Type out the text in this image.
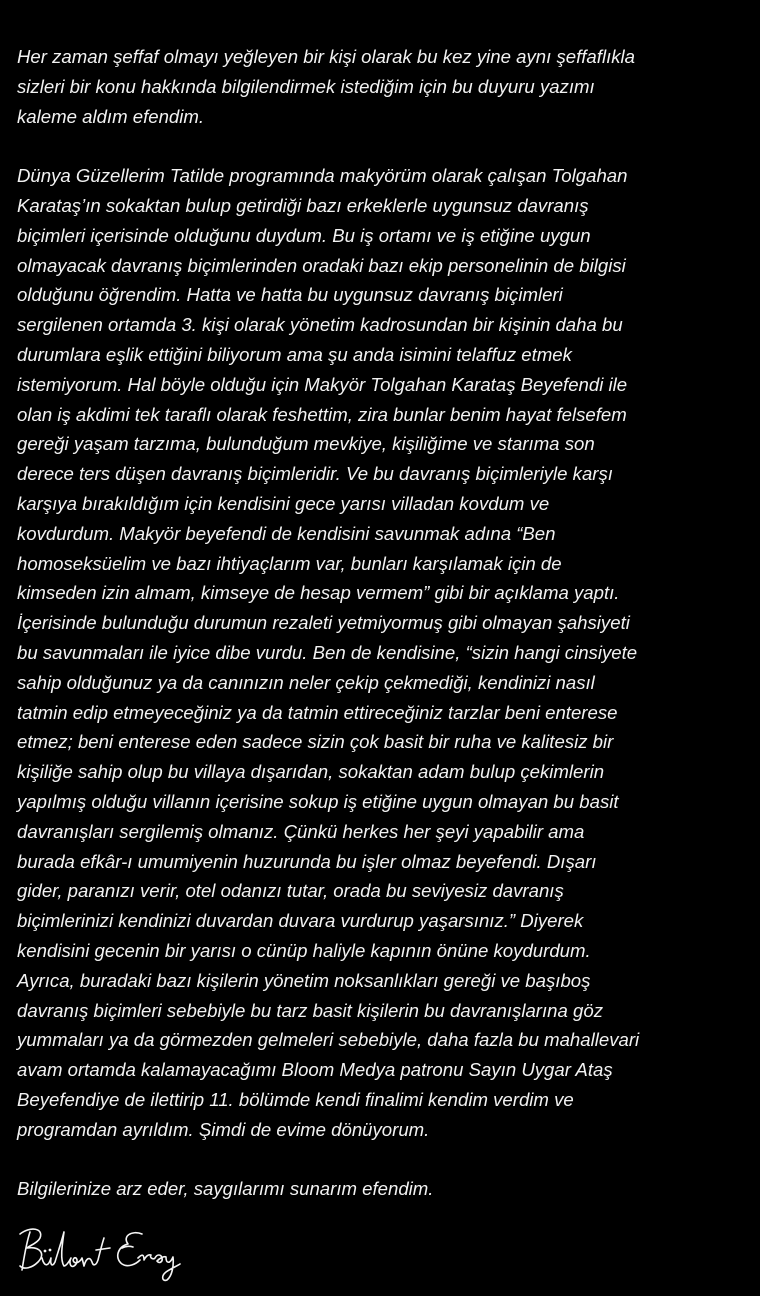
Her zaman şeffaf olmayı yeğleyen bir kişi olarak bu kez yine aynı şeffaflıkla
sizleri bir konu hakkında bilgilendirmek istediğim için bu duyuru yazımı
kaleme aldım efendim.

Dünya Güzellerim Tatilde programında makyörüm olarak çalışan Tolgahan
Karataş’ın sokaktan bulup getirdiği bazı erkeklerle uygunsuz davranış
biçimleri içerisinde olduğunu duydum. Bu iş ortamı ve iş etiğine uygun
olmayacak davranış biçimlerinden oradaki bazı ekip personelinin de bilgisi
olduğunu öğrendim. Hatta ve hatta bu uygunsuz davranış biçimleri
sergilenen ortamda 3. kişi olarak yönetim kadrosundan bir kişinin daha bu
durumlara eşlik ettiğini biliyorum ama şu anda isimini telaffuz etmek
istemiyorum. Hal böyle olduğu için Makyör Tolgahan Karataş Beyefendi ile
olan iş akdimi tek taraflı olarak feshettim, zira bunlar benim hayat felsefem
gereği yaşam tarzıma, bulunduğum mevkiye, kişiliğime ve starıma son
derece ters düşen davranış biçimleridir. Ve bu davranış biçimleriyle karşı
karşıya bırakıldığım için kendisini gece yarısı villadan kovdum ve
kovdurdum. Makyör beyefendi de kendisini savunmak adına “Ben
homoseksüelim ve bazı ihtiyaçlarım var, bunları karşılamak için de
kimseden izin almam, kimseye de hesap vermem” gibi bir açıklama yaptı.
İçerisinde bulunduğu durumun rezaleti yetmiyormuş gibi olmayan şahsiyeti
bu savunmaları ile iyice dibe vurdu. Ben de kendisine, “sizin hangi cinsiyete
sahip olduğunuz ya da canınızın neler çekip çekmediği, kendinizi nasıl
tatmin edip etmeyeceğiniz ya da tatmin ettireceğiniz tarzlar beni enterese
etmez; beni enterese eden sadece sizin çok basit bir ruha ve kalitesiz bir
kişiliğe sahip olup bu villaya dışarıdan, sokaktan adam bulup çekimlerin
yapılmış olduğu villanın içerisine sokup iş etiğine uygun olmayan bu basit
davranışları sergilemiş olmanız. Çünkü herkes her şeyi yapabilir ama
burada efkâr-ı umumiyenin huzurunda bu işler olmaz beyefendi. Dışarı
gider, paranızı verir, otel odanızı tutar, orada bu seviyesiz davranış
biçimlerinizi kendinizi duvardan duvara vurdurup yaşarsınız.” Diyerek
kendisini gecenin bir yarısı o cünüp haliyle kapının önüne koydurdum.
Ayrıca, buradaki bazı kişilerin yönetim noksanlıkları gereği ve başıboş
davranış biçimleri sebebiyle bu tarz basit kişilerin bu davranışlarına göz
yummaları ya da görmezden gelmeleri sebebiyle, daha fazla bu mahallevari
avam ortamda kalamayacağımı Bloom Medya patronu Sayın Uygar Ataş
Beyefendiye de ilettirip 11. bölümde kendi finalimi kendim verdim ve
programdan ayrıldım. Şimdi de evime dönüyorum.

Bilgilerinize arz eder, saygılarımı sunarım efendim.
